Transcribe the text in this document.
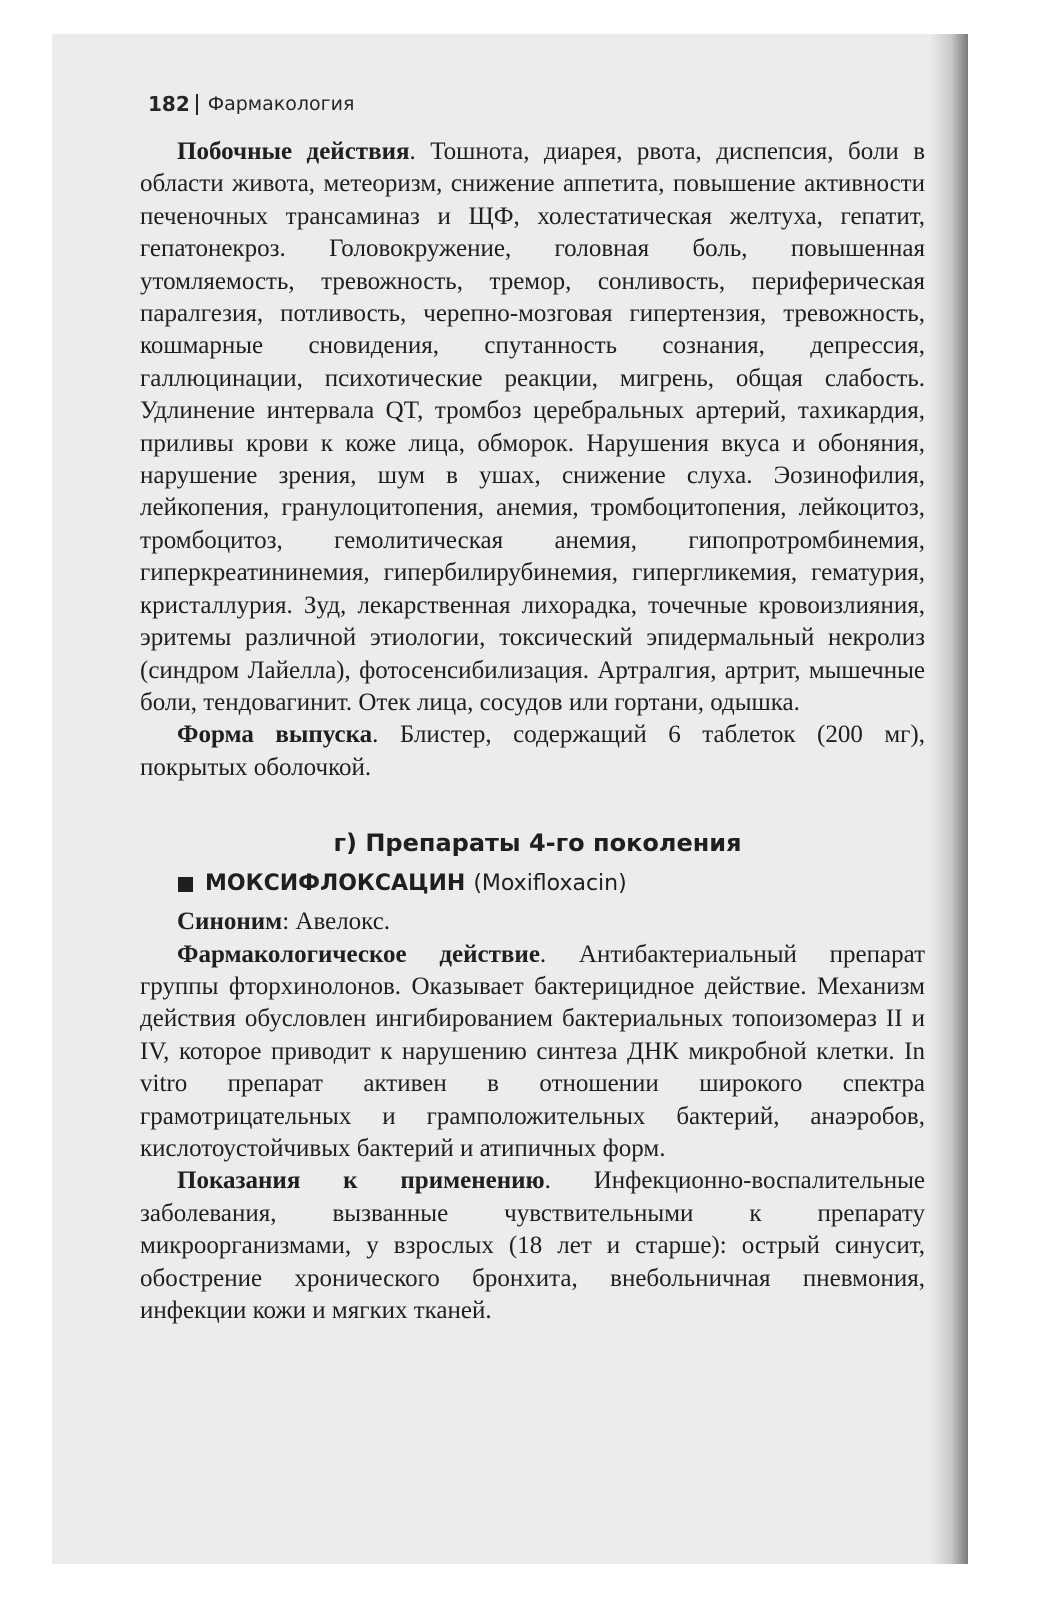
182 Фармакология

Побочные действия. Тошнота, диарея, рвота, диспепсия, боли в области живота, метеоризм, снижение аппетита, повышение активности печеночных трансаминаз и ЩФ, холестатическая желтуха, гепатит, гепатонекроз. Головокружение, головная боль, повышенная утомляемость, тревожность, тремор, сонливость, периферическая паралгезия, потливость, черепно-мозговая гипертензия, тревожность, кошмарные сновидения, спутанность сознания, депрессия, галлюцинации, психотические реакции, мигрень, общая слабость. Удлинение интервала QT, тромбоз церебральных артерий, тахикардия, приливы крови к коже лица, обморок. Нарушения вкуса и обоняния, нарушение зрения, шум в ушах, снижение слуха. Эозинофилия, лейкопения, гранулоцитопения, анемия, тромбоцитопения, лейкоцитоз, тромбоцитоз, гемолитическая анемия, гипопротромбинемия, гиперкреатининемия, гипербилирубинемия, гипергликемия, гематурия, кристаллурия. Зуд, лекарственная лихорадка, точечные кровоизлияния, эритемы различной этиологии, токсический эпидермальный некролиз (синдром Лайелла), фотосенсибилизация. Артралгия, артрит, мышечные боли, тендовагинит. Отек лица, сосудов или гортани, одышка.

Форма выпуска. Блистер, содержащий 6 таблеток (200 мг), покрытых оболочкой.

г) Препараты 4-го поколения
МОКСИФЛОКСАЦИН (Moxifloxacin)

Синоним: Авелокс.

Фармакологическое действие. Антибактериальный препарат группы фторхинолонов. Оказывает бактерицидное действие. Механизм действия обусловлен ингибированием бактериальных топоизомераз II и IV, которое приводит к нарушению синтеза ДНК микробной клетки. In vitro препарат активен в отношении широкого спектра грамотрицательных и грамположительных бактерий, анаэробов, кислотоустойчивых бактерий и атипичных форм.

Показания к применению. Инфекционно-воспалительные заболевания, вызванные чувствительными к препарату микроорганизмами, у взрослых (18 лет и старше): острый синусит, обострение хронического бронхита, внебольничная пневмония, инфекции кожи и мягких тканей.
